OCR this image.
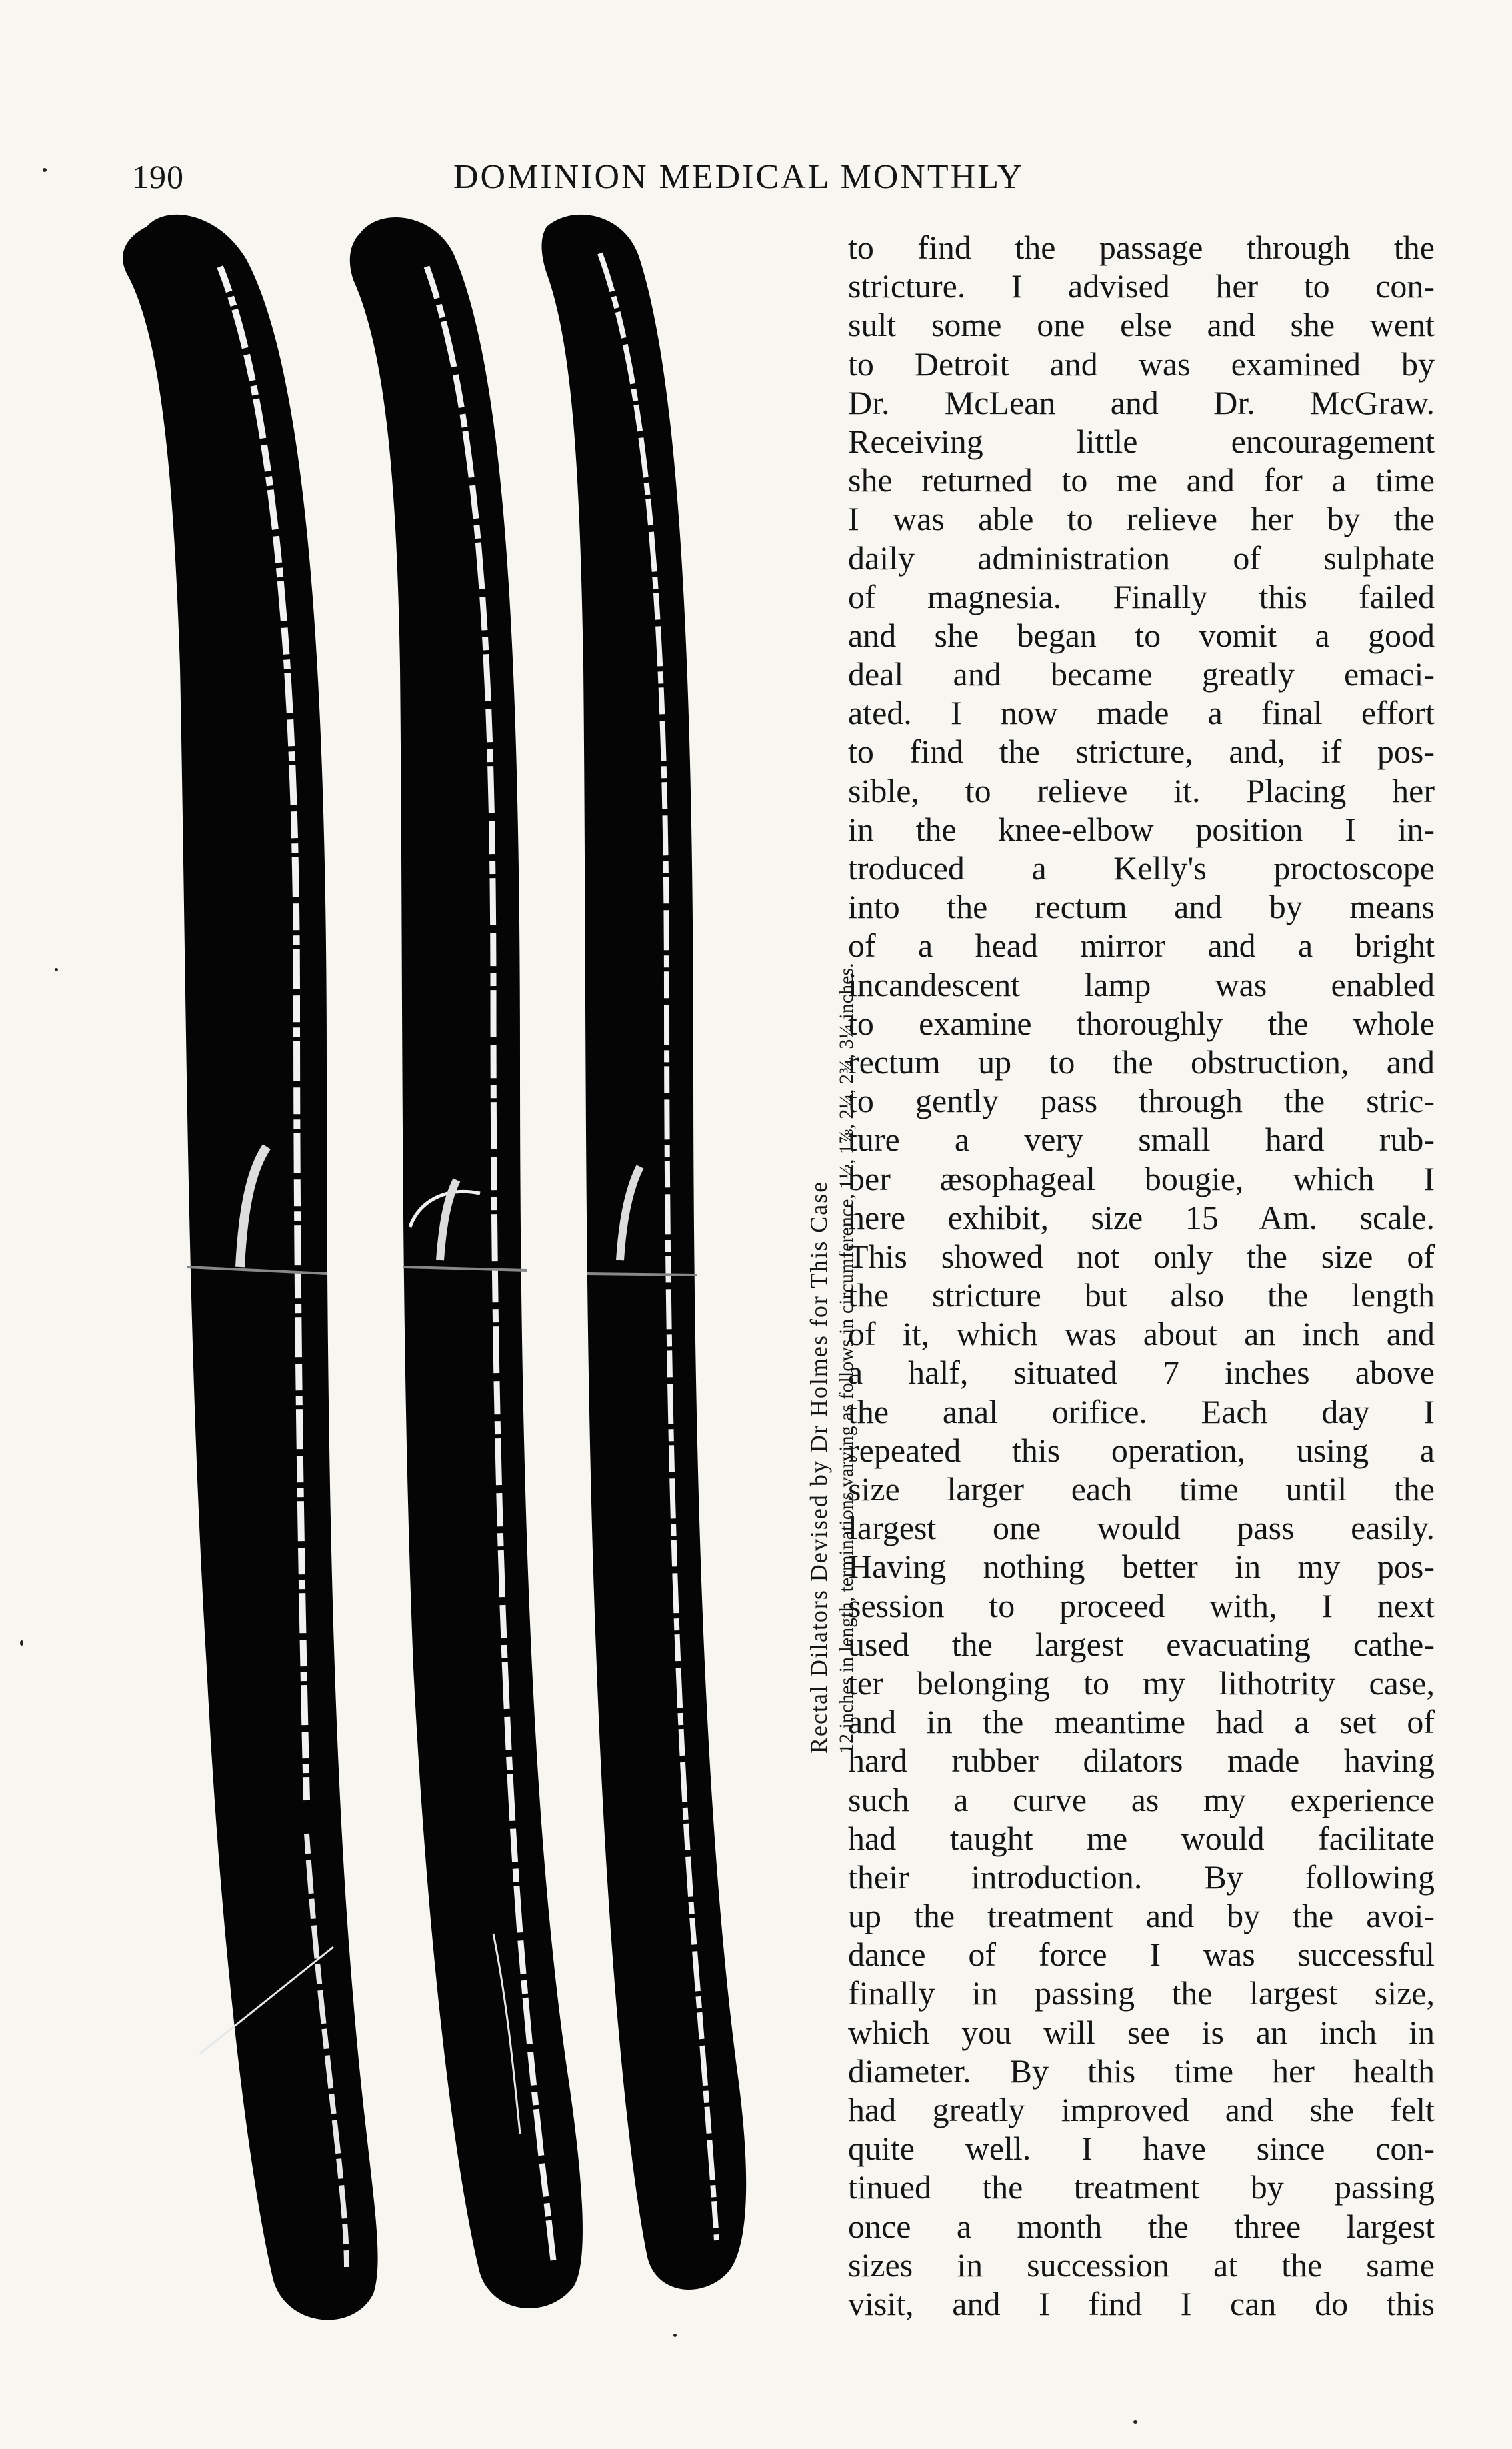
190	DOMINION MEDICAL MONTHLY
Rectal Dilators Devised by Dr Holmes for This Case 12 inches in length, terminations varying as follows in circumference, 1½, 1⅞, 2¼, 2¾, 3¼ inches.
to find the passage through the
stricture. I advised her to con-
sult some one else and she went
to Detroit and was examined by
Dr. McLean and Dr. McGraw.
Receiving little encouragement
she returned to me and for a time
I was able to relieve her by the
daily administration of sulphate
of magnesia. Finally this failed
and she began to vomit a good
deal and became greatly emaci-
ated. I now made a final effort
to find the stricture, and, if pos-
sible, to relieve it. Placing her
in the knee-elbow position I in-
troduced a Kelly's proctoscope
into the rectum and by means
of a head mirror and a bright
incandescent lamp was enabled
to examine thoroughly the whole
rectum up to the obstruction, and
to gently pass through the stric-
ture a very small hard rub-
ber æsophageal bougie, which I
here exhibit, size 15 Am. scale.
This showed not only the size of
the stricture but also the length
of it, which was about an inch and
a half, situated 7 inches above
the anal orifice. Each day I
repeated this operation, using a
size larger each time until the
largest one would pass easily.
Having nothing better in my pos-
session to proceed with, I next
used the largest evacuating cathe-
ter belonging to my lithotrity case,
and in the meantime had a set of
hard rubber dilators made having
such a curve as my experience
had taught me would facilitate
their introduction. By following
up the treatment and by the avoi-
dance of force I was successful
finally in passing the largest size,
which you will see is an inch in
diameter. By this time her health
had greatly improved and she felt
quite well. I have since con-
tinued the treatment by passing
once a month the three largest
sizes in succession at the same
visit, and I find I can do this
